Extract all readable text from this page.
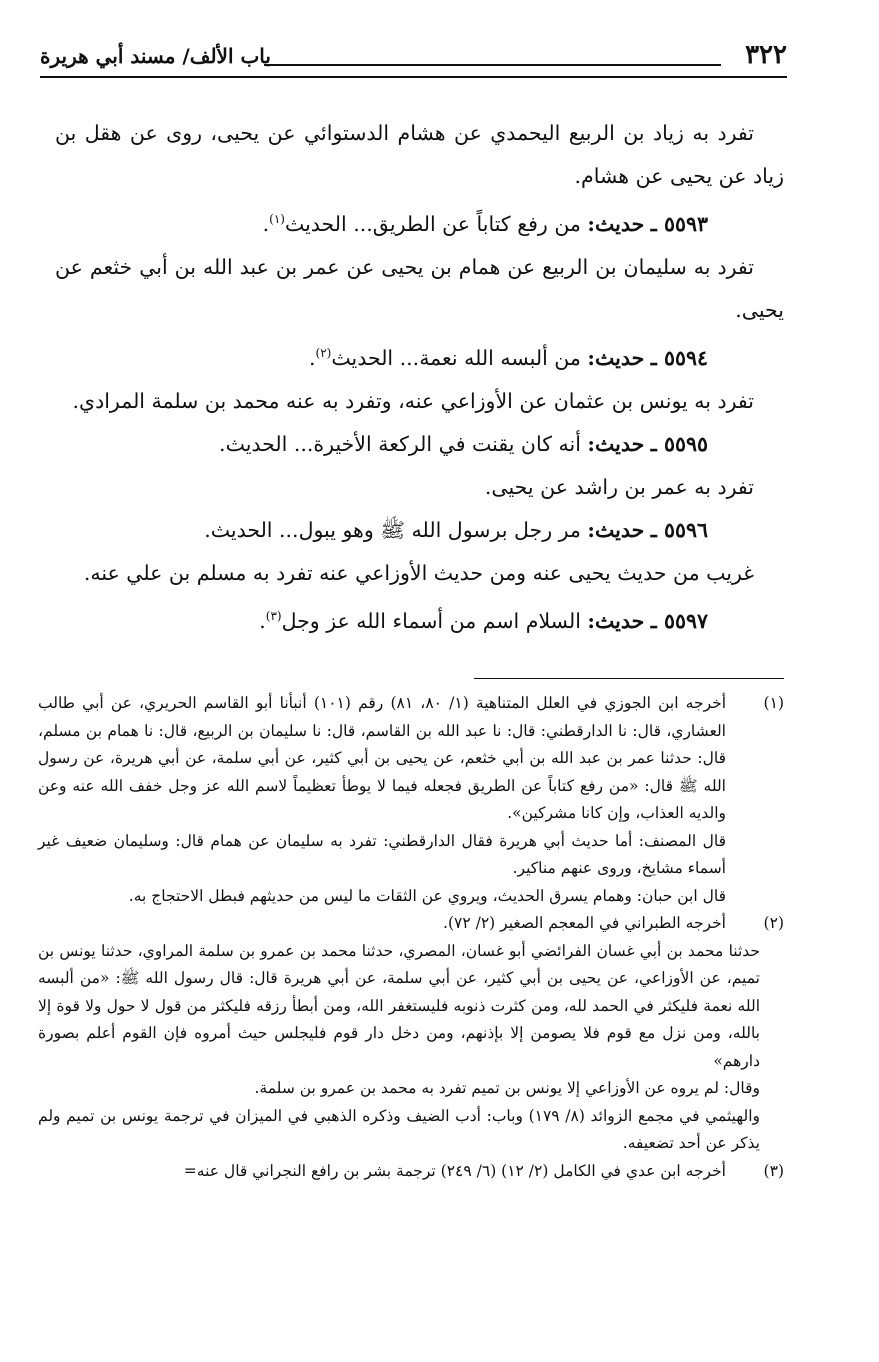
٣٢٢
باب الألف/ مسند أبي هريرة

تفرد به زياد بن الربيع اليحمدي عن هشام الدستوائي عن يحيى، روى عن هقل بن زياد عن يحيى عن هشام.

٥٥٩٣ ـ حديث: من رفع كتاباً عن الطريق... الحديث$^{(١)}$.

تفرد به سليمان بن الربيع عن همام بن يحيى عن عمر بن عبد الله بن أبي خثعم عن يحيى.

٥٥٩٤ ـ حديث: من ألبسه الله نعمة... الحديث$^{(٢)}$.

تفرد به يونس بن عثمان عن الأوزاعي عنه، وتفرد به عنه محمد بن سلمة المرادي.

٥٥٩٥ ـ حديث: أنه كان يقنت في الركعة الأخيرة... الحديث.

تفرد به عمر بن راشد عن يحيى.

٥٥٩٦ ـ حديث: مر رجل برسول الله ﷺ وهو يبول... الحديث.

غريب من حديث يحيى عنه ومن حديث الأوزاعي عنه تفرد به مسلم بن علي عنه.

٥٥٩٧ ـ حديث: السلام اسم من أسماء الله عز وجل$^{(٣)}$.

(١)

أخرجه ابن الجوزي في العلل المتناهية (١/ ٨٠، ٨١) رقم (١٠١) أنبأنا أبو القاسم الحريري، عن أبي طالب العشاري، قال: نا الدارقطني: قال: نا عبد الله بن القاسم، قال: نا سليمان بن الربيع، قال: نا همام بن مسلم، قال: حدثنا عمر بن عبد الله بن أبي خثعم، عن يحيى بن أبي كثير، عن أبي سلمة، عن أبي هريرة، عن رسول الله ﷺ قال: «من رفع كتاباً عن الطريق فجعله فيما لا يوطأ تعظيماً لاسم الله عز وجل خفف الله عنه وعن والديه العذاب، وإن كانا مشركين».

قال المصنف: أما حديث أبي هريرة فقال الدارقطني: تفرد به سليمان عن همام قال: وسليمان ضعيف غير أسماء مشايخ، وروى عنهم مناكير.

قال ابن حبان: وهمام يسرق الحديث، ويروي عن الثقات ما ليس من حديثهم فبطل الاحتجاج به.

(٢)

أخرجه الطبراني في المعجم الصغير (٢/ ٧٢).

حدثنا محمد بن أبي غسان الفرائضي أبو غسان، المصري، حدثنا محمد بن عمرو بن سلمة المراوي، حدثنا يونس بن تميم، عن الأوزاعي، عن يحيى بن أبي كثير، عن أبي سلمة، عن أبي هريرة قال: قال رسول الله ﷺ: «من ألبسه الله نعمة فليكثر في الحمد لله، ومن كثرت ذنوبه فليستغفر الله، ومن أبطأ رزقه فليكثر من قول لا حول ولا قوة إلا بالله، ومن نزل مع قوم فلا يصومن إلا بإذنهم، ومن دخل دار قوم فليجلس حيث أمروه فإن القوم أعلم بصورة دارهم»

وقال: لم يروه عن الأوزاعي إلا يونس بن تميم تفرد به محمد بن عمرو بن سلمة.

والهيثمي في مجمع الزوائد (٨/ ١٧٩) وباب: أدب الضيف وذكره الذهبي في الميزان في ترجمة يونس بن تميم ولم يذكر عن أحد تضعيفه.

(٣)

أخرجه ابن عدي في الكامل (٢/ ١٢) (٦/ ٢٤٩) ترجمة بشر بن رافع النجراني قال عنه=
